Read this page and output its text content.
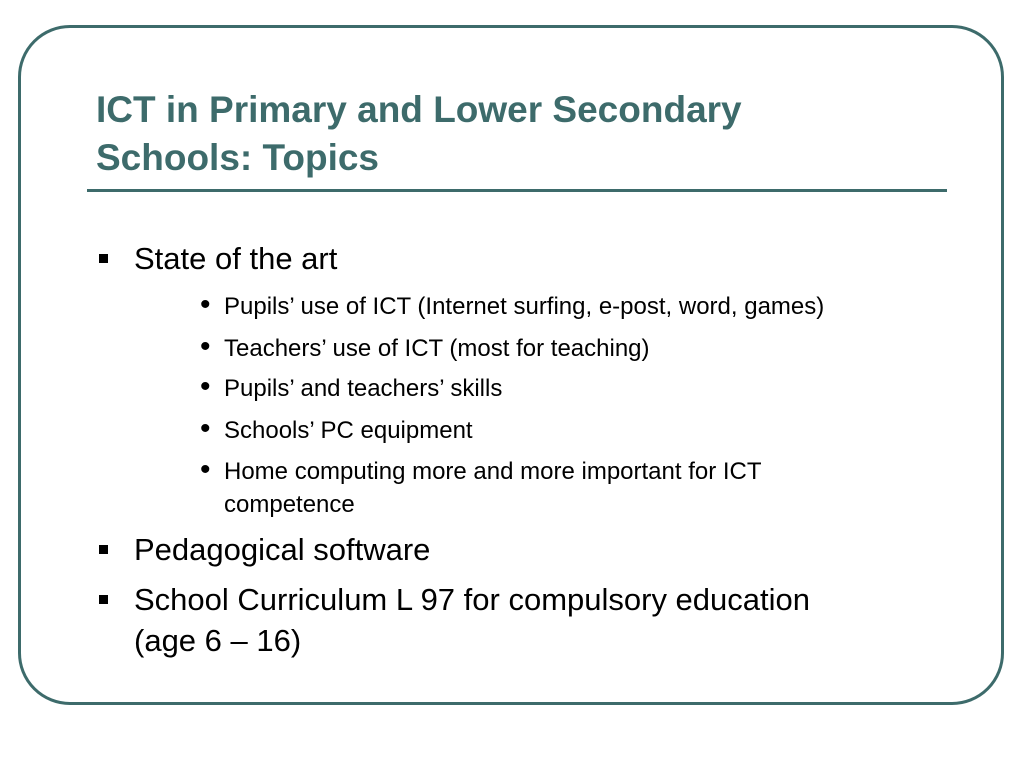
ICT in Primary and Lower Secondary
Schools: Topics
State of the art
• Pupils’ use of ICT (Internet surfing, e-post, word, games)
• Teachers’ use of ICT (most for teaching)
• Pupils’ and teachers’ skills
• Schools’ PC equipment
• Home computing more and more important for ICT
competence
Pedagogical software
School Curriculum L 97 for compulsory education
(age 6 – 16)
